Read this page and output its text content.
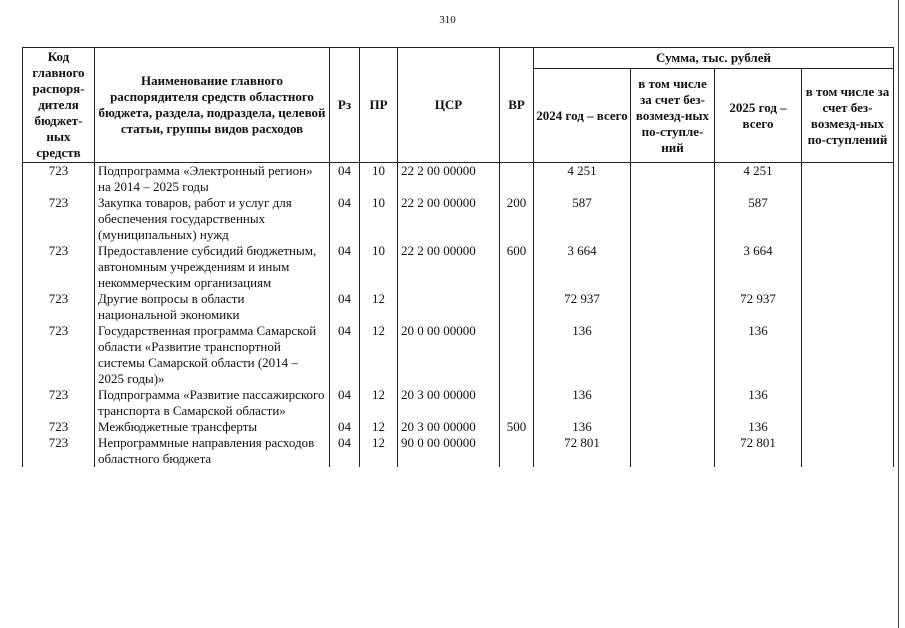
310
Код главного распоря-дителя бюджет-ных средств	Наименование главного распорядителя средств областного бюджета, раздела, подраздела, целевой статьи, группы видов расходов	Рз	ПР	ЦСР	ВР	Сумма, тыс. рублей			
						2024 год – всего	в том числе за счет без-возмезд-ных по-ступле-ний	2025 год – всего	в том числе за счет без-возмезд-ных по-ступлений
723	Подпрограмма «Электронный регион» на 2014 – 2025 годы	04	10	22 2 00 00000		4 251		4 251	
723	Закупка товаров, работ и услуг для обеспечения государственных (муниципальных) нужд	04	10	22 2 00 00000	200	587		587	
723	Предоставление субсидий бюджетным, автономным учреждениям и иным некоммерческим организациям	04	10	22 2 00 00000	600	3 664		3 664	
723	Другие вопросы в области национальной экономики	04	12			72 937		72 937	
723	Государственная программа Самарской области «Развитие транспортной системы Самарской области (2014 – 2025 годы)»	04	12	20 0 00 00000		136		136	
723	Подпрограмма «Развитие пассажирского транспорта в Самарской области»	04	12	20 3 00 00000		136		136	
723	Межбюджетные трансферты	04	12	20 3 00 00000	500	136		136	
723	Непрограммные направления расходов областного бюджета	04	12	90 0 00 00000		72 801		72 801	
